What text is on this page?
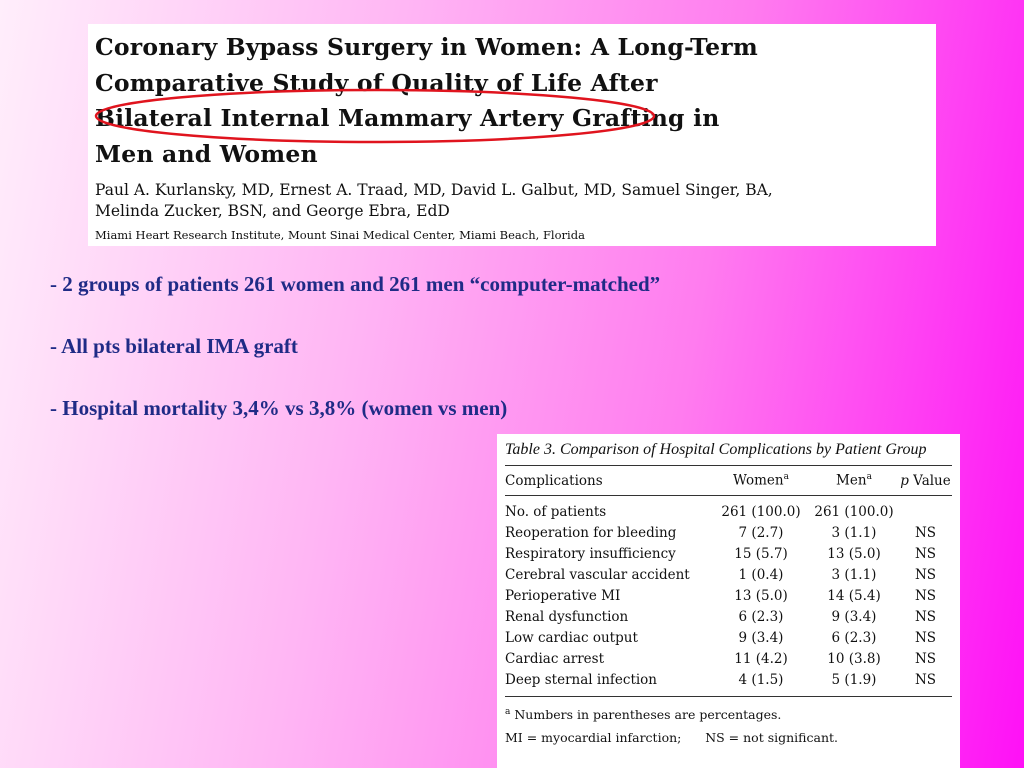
Coronary Bypass Surgery in Women: A Long-Term
Comparative Study of Quality of Life After
Bilateral Internal Mammary Artery Grafting in
Men and Women
Paul A. Kurlansky, MD, Ernest A. Traad, MD, David L. Galbut, MD, Samuel Singer, BA,
Melinda Zucker, BSN, and George Ebra, EdD
Miami Heart Research Institute, Mount Sinai Medical Center, Miami Beach, Florida

- 2 groups of patients 261 women and 261 men “computer-matched”

- All pts bilateral IMA graft

- Hospital mortality 3,4% vs 3,8% (women vs men)

Table 3. Comparison of Hospital Complications by Patient Group

Complications	Women$^a$	Men$^a$	p Value
No. of patients	261 (100.0)	261 (100.0)
Reoperation for bleeding	7 (2.7)	3 (1.1)	NS
Respiratory insufficiency	15 (5.7)	13 (5.0)	NS
Cerebral vascular accident	1 (0.4)	3 (1.1)	NS
Perioperative MI	13 (5.0)	14 (5.4)	NS
Renal dysfunction	6 (2.3)	9 (3.4)	NS
Low cardiac output	9 (3.4)	6 (2.3)	NS
Cardiac arrest	11 (4.2)	10 (3.8)	NS
Deep sternal infection	4 (1.5)	5 (1.9)	NS
$^a$ Numbers in parentheses are percentages.
MI = myocardial infarction;      NS = not significant.
